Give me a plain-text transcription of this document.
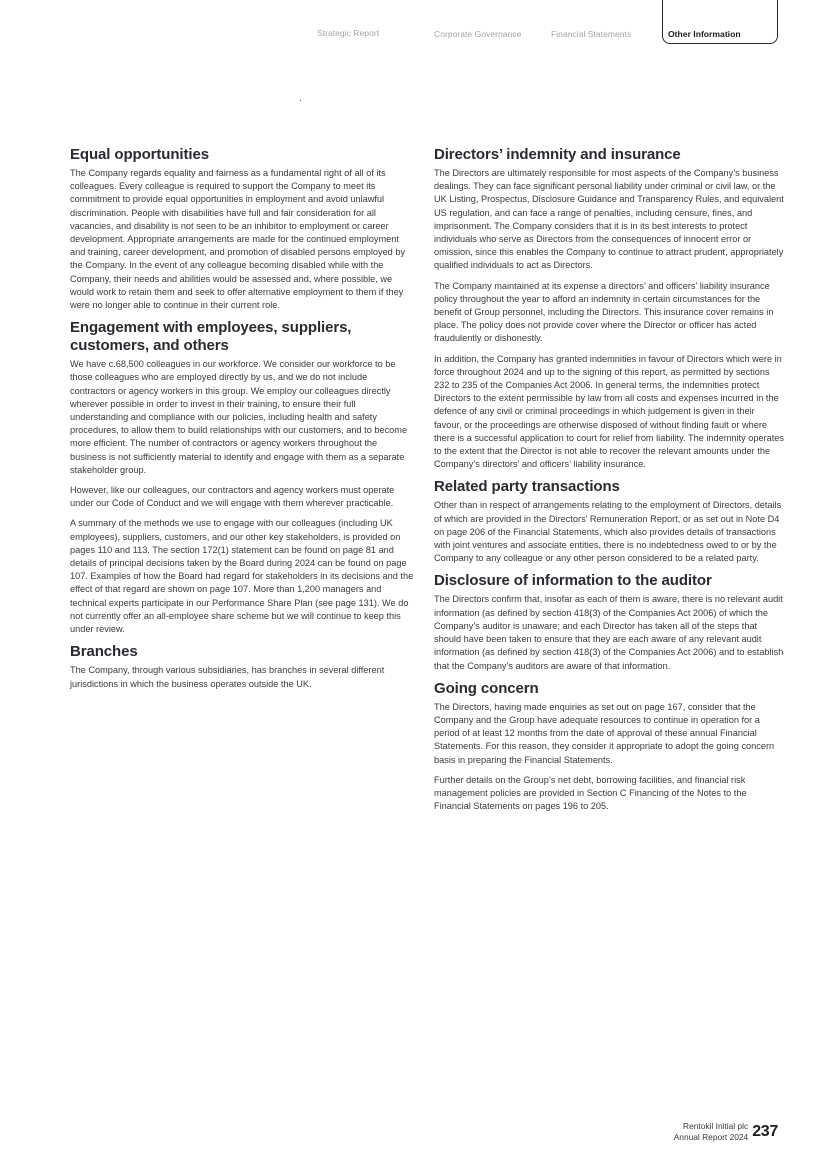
Strategic Report	Corporate Governance	Financial Statements	Other Information
Equal opportunities

The Company regards equality and fairness as a fundamental right of all of its colleagues. Every colleague is required to support the Company to meet its commitment to provide equal opportunities in employment and avoid unlawful discrimination. People with disabilities have full and fair consideration for all vacancies, and disability is not seen to be an inhibitor to employment or career development. Appropriate arrangements are made for the continued employment and training, career development, and promotion of disabled persons employed by the Company. In the event of any colleague becoming disabled while with the Company, their needs and abilities would be assessed and, where possible, we would work to retain them and seek to offer alternative employment to them if they were no longer able to continue in their current role.

Engagement with employees, suppliers, customers, and others

We have c.68,500 colleagues in our workforce. We consider our workforce to be those colleagues who are employed directly by us, and we do not include contractors or agency workers in this group. We employ our colleagues directly wherever possible in order to invest in their training, to ensure their full understanding and compliance with our policies, including health and safety procedures, to allow them to build relationships with our customers, and to become more efficient. The number of contractors or agency workers throughout the business is not sufficiently material to identify and engage with them as a separate stakeholder group.

However, like our colleagues, our contractors and agency workers must operate under our Code of Conduct and we will engage with them wherever practicable.

A summary of the methods we use to engage with our colleagues (including UK employees), suppliers, customers, and our other key stakeholders, is provided on pages 110 and 113. The section 172(1) statement can be found on page 81 and details of principal decisions taken by the Board during 2024 can be found on page 107. Examples of how the Board had regard for stakeholders in its decisions and the effect of that regard are shown on page 107. More than 1,200 managers and technical experts participate in our Performance Share Plan (see page 131). We do not currently offer an all-employee share scheme but we will continue to keep this under review.

Branches

The Company, through various subsidiaries, has branches in several different jurisdictions in which the business operates outside the UK.

Directors’ indemnity and insurance

The Directors are ultimately responsible for most aspects of the Company’s business dealings. They can face significant personal liability under criminal or civil law, or the UK Listing, Prospectus, Disclosure Guidance and Transparency Rules, and equivalent US regulation, and can face a range of penalties, including censure, fines, and imprisonment. The Company considers that it is in its best interests to protect individuals who serve as Directors from the consequences of innocent error or omission, since this enables the Company to continue to attract prudent, appropriately qualified individuals to act as Directors.

The Company maintained at its expense a directors’ and officers’ liability insurance policy throughout the year to afford an indemnity in certain circumstances for the benefit of Group personnel, including the Directors. This insurance cover remains in place. The policy does not provide cover where the Director or officer has acted fraudulently or dishonestly.

In addition, the Company has granted indemnities in favour of Directors which were in force throughout 2024 and up to the signing of this report, as permitted by sections 232 to 235 of the Companies Act 2006. In general terms, the indemnities protect Directors to the extent permissible by law from all costs and expenses incurred in the defence of any civil or criminal proceedings in which judgement is given in their favour, or the proceedings are otherwise disposed of without finding fault or where there is a successful application to court for relief from liability. The indemnity operates to the extent that the Director is not able to recover the relevant amounts under the Company’s directors’ and officers’ liability insurance.

Related party transactions

Other than in respect of arrangements relating to the employment of Directors, details of which are provided in the Directors’ Remuneration Report, or as set out in Note D4 on page 206 of the Financial Statements, which also provides details of transactions with joint ventures and associate entities, there is no indebtedness owed to or by the Company to any colleague or any other person considered to be a related party.

Disclosure of information to the auditor

The Directors confirm that, insofar as each of them is aware, there is no relevant audit information (as defined by section 418(3) of the Companies Act 2006) of which the Company’s auditor is unaware; and each Director has taken all of the steps that should have been taken to ensure that they are each aware of any relevant audit information (as defined by section 418(3) of the Companies Act 2006) and to establish that the Company’s auditors are aware of that information.

Going concern

The Directors, having made enquiries as set out on page 167, consider that the Company and the Group have adequate resources to continue in operation for a period of at least 12 months from the date of approval of these annual Financial Statements. For this reason, they consider it appropriate to adopt the going concern basis in preparing the Financial Statements.

Further details on the Group’s net debt, borrowing facilities, and financial risk management policies are provided in Section C Financing of the Notes to the Financial Statements on pages 196 to 205.

Rentokil Initial plc
Annual Report 2024 237
